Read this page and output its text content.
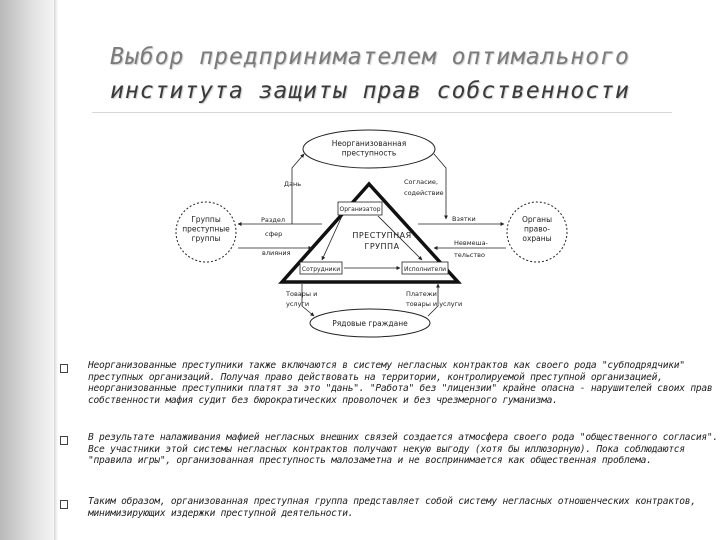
Выбор предпринимателем оптимального
института защиты прав собственности
Неорганизованная преступность
Рядовые граждане
Группы преступные группы
Органы право-охраны
ПРЕСТУПНАЯ
ГРУППА
Организатор
Сотрудники	Исполнители
Дань	Согласие,
содействие
Раздел
сфер
влияния
Взятки
Невмеша-
тельство
Товары и
услуги
Платежи
товары и услуги

Неорганизованные преступники также включаются в систему негласных контрактов как своего рода "субподрядчики" преступных организаций. Получая право действовать на территории, контролируемой преступной организацией, неорганизованные преступники платят за это "дань". "Работа" без "лицензии" крайне опасна - нарушителей своих прав собственности мафия судит без бюрократических проволочек и без чрезмерного гуманизма.

В результате налаживания мафией негласных внешних связей создается атмосфера своего рода "общественного согласия". Все участники этой системы негласных контрактов получают некую выгоду (хотя бы иллюзорную). Пока соблюдаются "правила игры", организованная преступность малозаметна и не воспринимается как общественная проблема.

Таким образом, организованная преступная группа представляет собой систему негласных отношенческих контрактов, минимизирующих издержки преступной деятельности.
